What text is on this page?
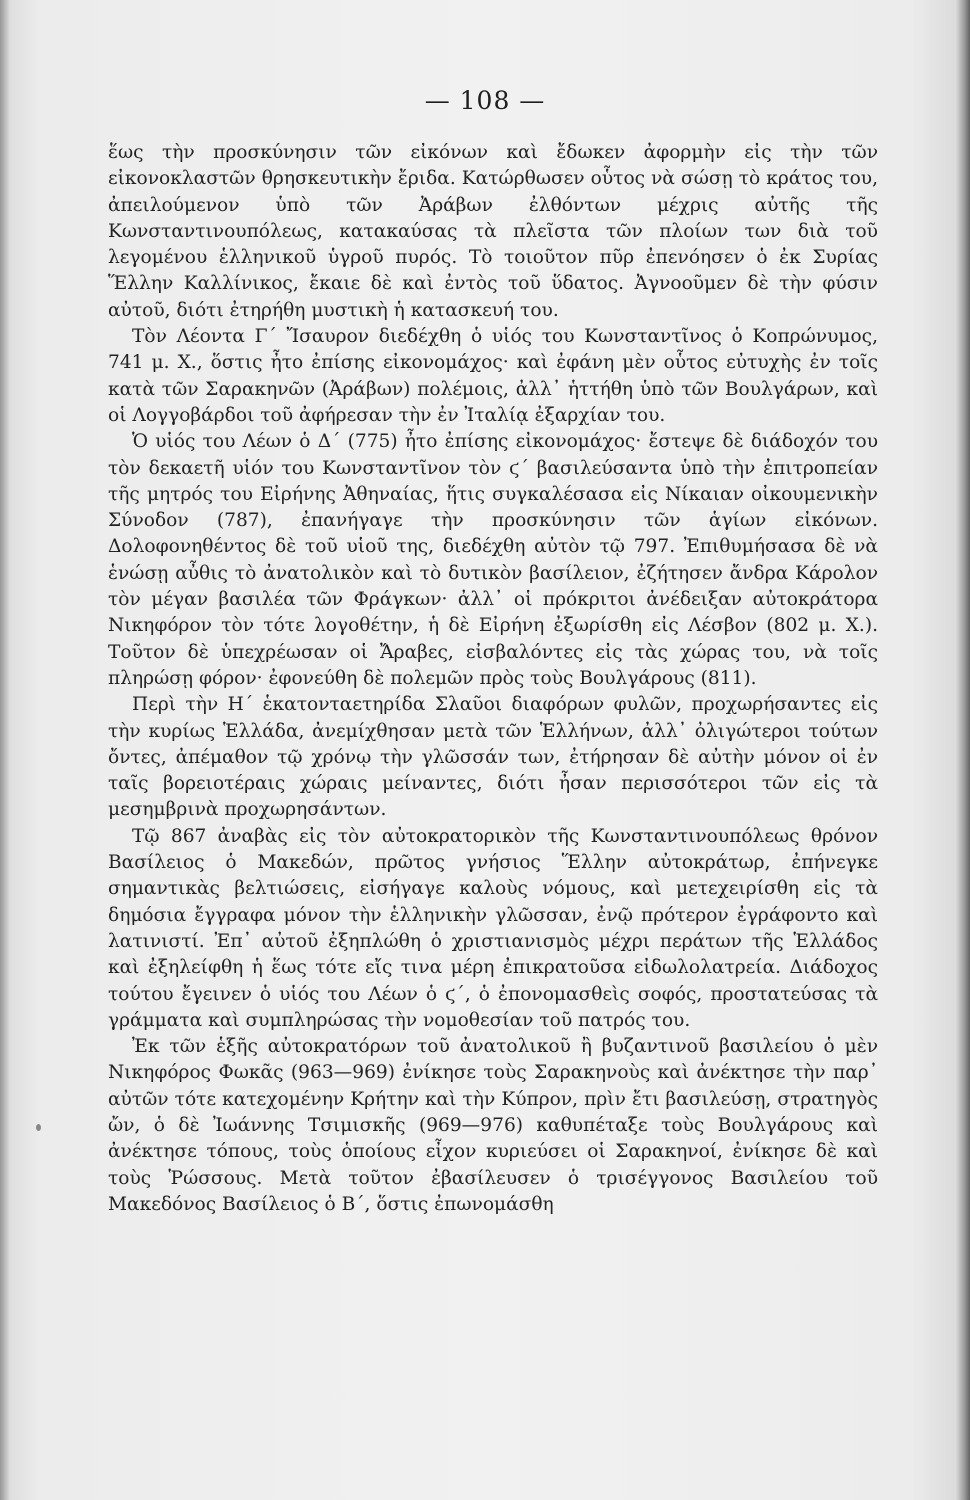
— 108 —

ἕως τὴν προσκύνησιν τῶν εἰκόνων καὶ ἔδωκεν ἀφορμὴν εἰς τὴν τῶν εἰκονοκλαστῶν θρησκευτικὴν ἔριδα. Κατώρθωσεν οὗτος νὰ σώσῃ τὸ κράτος του, ἀπειλούμενον ὑπὸ τῶν Ἀράβων ἐλθόντων μέχρις αὐτῆς τῆς Κωνσταντινουπόλεως, κατακαύσας τὰ πλεῖστα τῶν πλοίων των διὰ τοῦ λεγομένου ἑλληνικοῦ ὑγροῦ πυρός. Τὸ τοιοῦτον πῦρ ἐπενόησεν ὁ ἐκ Συρίας Ἕλλην Καλλίνικος, ἔκαιε δὲ καὶ ἐντὸς τοῦ ὕδατος. Ἀγνοοῦμεν δὲ τὴν φύσιν αὐτοῦ, διότι ἐτηρήθη μυστικὴ ἡ κατασκευή του.

Τὸν Λέοντα Γ´ Ἴσαυρον διεδέχθη ὁ υἱός του Κωνσταντῖνος ὁ Κοπρώνυμος, 741 μ. Χ., ὅστις ἦτο ἐπίσης εἰκονομάχος· καὶ ἐφάνη μὲν οὗτος εὐτυχὴς ἐν τοῖς κατὰ τῶν Σαρακηνῶν (Ἀράβων) πολέμοις, ἀλλ᾽ ἡττήθη ὑπὸ τῶν Βουλγάρων, καὶ οἱ Λογγοβάρδοι τοῦ ἀφήρεσαν τὴν ἐν Ἰταλίᾳ ἐξαρχίαν του.

Ὁ υἱός του Λέων ὁ Δ´ (775) ἦτο ἐπίσης εἰκονομάχος· ἔστεψε δὲ διάδοχόν του τὸν δεκαετῆ υἱόν του Κωνσταντῖνον τὸν ϛ´ βασιλεύσαντα ὑπὸ τὴν ἐπιτροπείαν τῆς μητρός του Εἰρήνης Ἀθηναίας, ἥτις συγκαλέσασα εἰς Νίκαιαν οἰκουμενικὴν Σύνοδον (787), ἐπανήγαγε τὴν προσκύνησιν τῶν ἁγίων εἰκόνων. Δολοφονηθέντος δὲ τοῦ υἱοῦ της, διεδέχθη αὐτὸν τῷ 797. Ἐπιθυμήσασα δὲ νὰ ἑνώσῃ αὖθις τὸ ἀνατολικὸν καὶ τὸ δυτικὸν βασίλειον, ἐζήτησεν ἄνδρα Κάρολον τὸν μέγαν βασιλέα τῶν Φράγκων· ἀλλ᾽ οἱ πρόκριτοι ἀνέδειξαν αὐτοκράτορα Νικηφόρον τὸν τότε λογοθέτην, ἡ δὲ Εἰρήνη ἐξωρίσθη εἰς Λέσβον (802 μ. Χ.). Τοῦτον δὲ ὑπεχρέωσαν οἱ Ἄραβες, εἰσβαλόντες εἰς τὰς χώρας του, νὰ τοῖς πληρώσῃ φόρον· ἐφονεύθη δὲ πολεμῶν πρὸς τοὺς Βουλγάρους (811).

Περὶ τὴν Η´ ἑκατονταετηρίδα Σλαῦοι διαφόρων φυλῶν, προχωρήσαντες εἰς τὴν κυρίως Ἑλλάδα, ἀνεμίχθησαν μετὰ τῶν Ἑλλήνων, ἀλλ᾽ ὀλιγώτεροι τούτων ὄντες, ἀπέμαθον τῷ χρόνῳ τὴν γλῶσσάν των, ἐτήρησαν δὲ αὐτὴν μόνον οἱ ἐν ταῖς βορειοτέραις χώραις μείναντες, διότι ἦσαν περισσότεροι τῶν εἰς τὰ μεσημβρινὰ προχωρησάντων.

Τῷ 867 ἀναβὰς εἰς τὸν αὐτοκρατορικὸν τῆς Κωνσταντινουπόλεως θρόνον Βασίλειος ὁ Μακεδών, πρῶτος γνήσιος Ἕλλην αὐτοκράτωρ, ἐπήνεγκε σημαντικὰς βελτιώσεις, εἰσήγαγε καλοὺς νόμους, καὶ μετεχειρίσθη εἰς τὰ δημόσια ἔγγραφα μόνον τὴν ἑλληνικὴν γλῶσσαν, ἐνῷ πρότερον ἐγράφοντο καὶ λατινιστί. Ἐπ᾽ αὐτοῦ ἐξηπλώθη ὁ χριστιανισμὸς μέχρι περάτων τῆς Ἑλλάδος καὶ ἐξηλείφθη ἡ ἕως τότε εἴς τινα μέρη ἐπικρατοῦσα εἰδωλολατρεία. Διάδοχος τούτου ἔγεινεν ὁ υἱός του Λέων ὁ ϛ´, ὁ ἐπονομασθεὶς σοφός, προστατεύσας τὰ γράμματα καὶ συμπληρώσας τὴν νομοθεσίαν τοῦ πατρός του.

Ἐκ τῶν ἑξῆς αὐτοκρατόρων τοῦ ἀνατολικοῦ ἢ βυζαντινοῦ βασιλείου ὁ μὲν Νικηφόρος Φωκᾶς (963—969) ἐνίκησε τοὺς Σαρακηνοὺς καὶ ἀνέκτησε τὴν παρ᾽ αὐτῶν τότε κατεχομένην Κρήτην καὶ τὴν Κύπρον, πρὶν ἔτι βασιλεύσῃ, στρατηγὸς ὤν, ὁ δὲ Ἰωάννης Τσιμισκῆς (969—976) καθυπέταξε τοὺς Βουλγάρους καὶ ἀνέκτησε τόπους, τοὺς ὁποίους εἶχον κυριεύσει οἱ Σαρακηνοί, ἐνίκησε δὲ καὶ τοὺς Ῥώσσους. Μετὰ τοῦτον ἐβασίλευσεν ὁ τρισέγγονος Βασιλείου τοῦ Μακεδόνος Βασίλειος ὁ Β´, ὅστις ἐπωνομάσθη
